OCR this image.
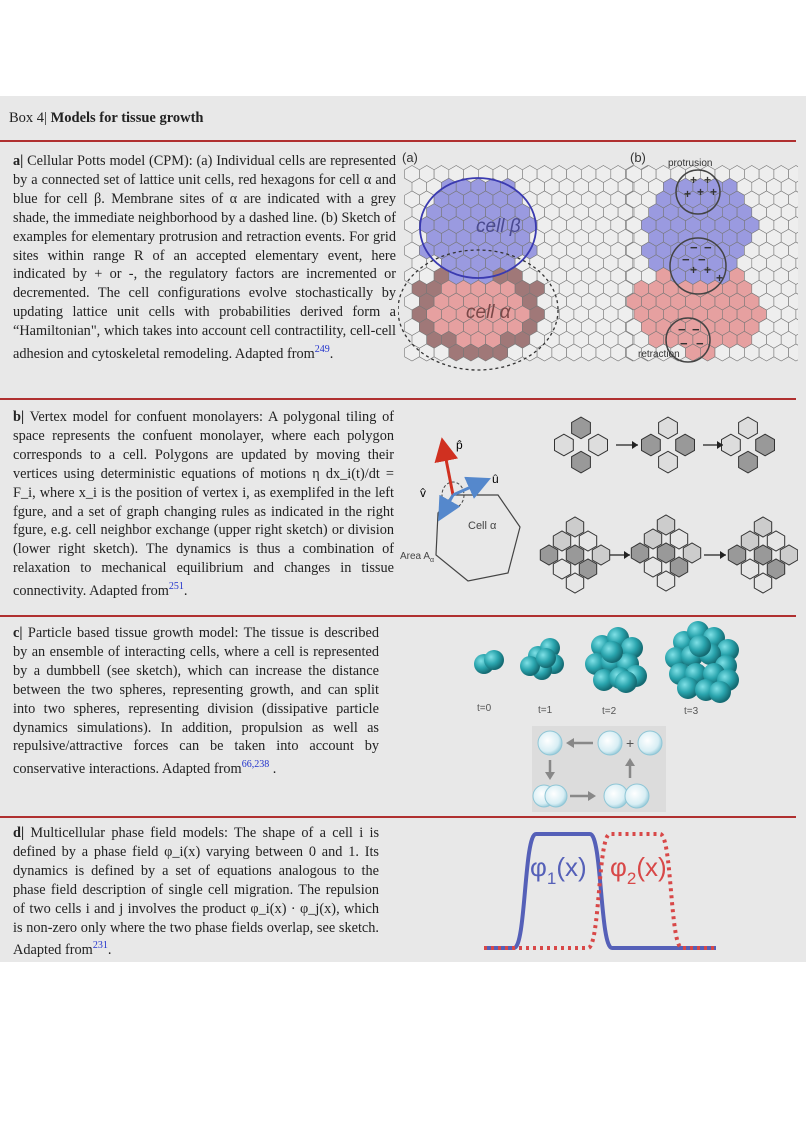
Box 4| Models for tissue growth
a| Cellular Potts model (CPM): (a) Individual cells are represented by a connected set of lattice unit cells, red hexagons for cell α and blue for cell β. Membrane sites of α are indicated with a grey shade, the immediate neighborhood by a dashed line. (b) Sketch of examples for elementary protrusion and retraction events. For grid sites within range R of an accepted elementary event, here indicated by + or -, the regulatory factors are incremented or decremented. The cell configurations evolve stochastically by updating lattice unit cells with probabilities derived form a “Hamiltonian", which takes into account cell contractility, cell-cell adhesion and cytoskeletal remodeling. Adapted from$^{249}$.
(a)	(b)
+ +
+
+ +
+ +
+
− −
− −
− −
− −
cell β
cell α
protrusion
retraction
b| Vertex model for confuent monolayers: A polygonal tiling of space represents the confuent monolayer, where each polygon corresponds to a cell. Polygons are updated by moving their vertices using deterministic equations of motions η dx_i(t)/dt = F_i, where x_i is the position of vertex i, as exemplifed in the left fgure, and a set of graph changing rules as indicated in the right fgure, e.g. cell neighbor exchange (upper right sketch) or division (lower right sketch). The dynamics is thus a combination of relaxation to mechanical equilibrium and changes in tissue connectivity. Adapted from$^{251}$.
p̂
û
v̂
Cell α
Area $A_\alpha$
c| Particle based tissue growth model: The tissue is described by an ensemble of interacting cells, where a cell is represented by a dumbbell (see sketch), which can increase the distance between the two spheres, representing growth, and can split into two spheres, representing division (dissipative particle dynamics simulations). In addition, propulsion as well as repulsive/attractive forces can be taken into account by conservative interactions. Adapted from$^{66,238}$ .
t=0	t=1	t=2	t=3
+
d| Multicellular phase field models: The shape of a cell i is defined by a phase field φ_i(x) varying between 0 and 1. Its dynamics is defined by a set of equations analogous to the phase field description of single cell migration. The repulsion of two cells i and j involves the product φ_i(x) · φ_j(x), which is non-zero only where the two phase fields overlap, see sketch. Adapted from$^{231}$.
$\varphi_1(x)$ $\varphi_2(x)$
